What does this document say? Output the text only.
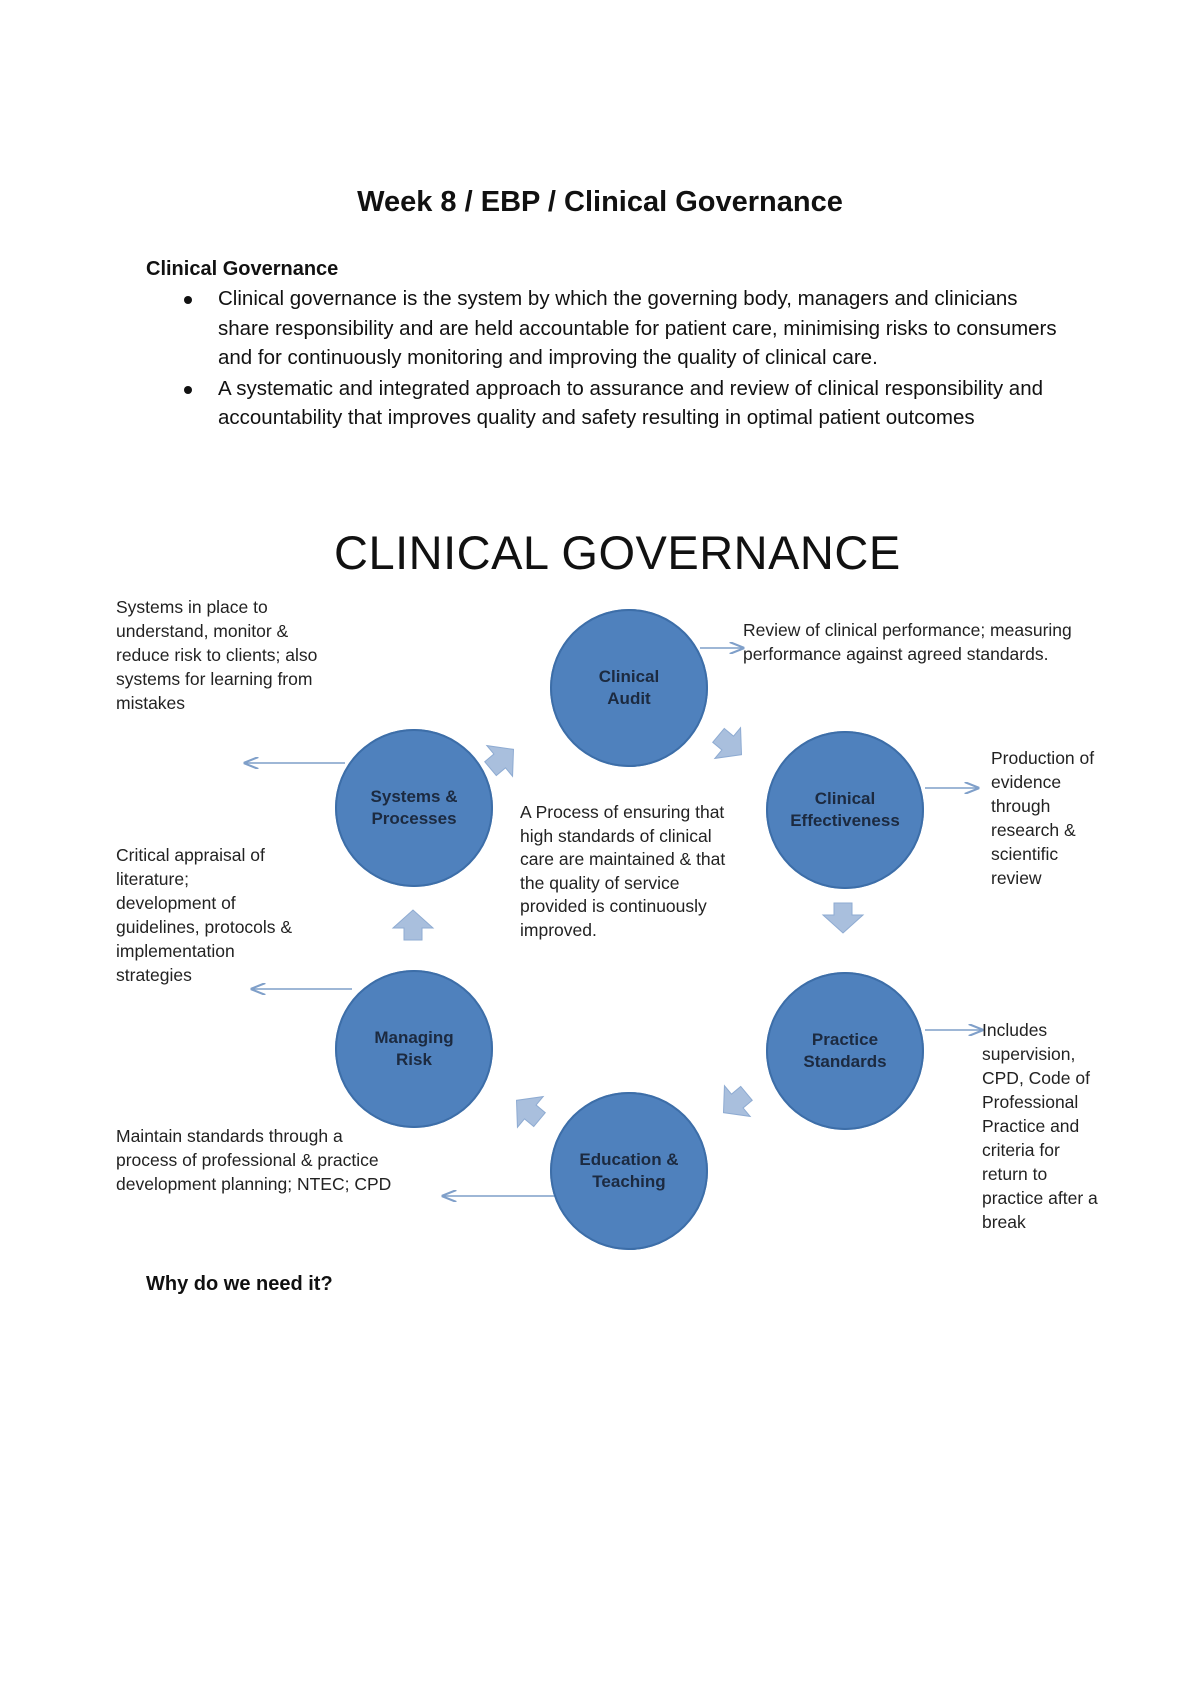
Week 8 / EBP / Clinical Governance
Clinical Governance
Clinical governance is the system by which the governing body, managers and clinicians share responsibility and are held accountable for patient care, minimising risks to consumers and for continuously monitoring and improving the quality of clinical care.
A systematic and integrated approach to assurance and review of clinical responsibility and accountability that improves quality and safety resulting in optimal patient outcomes
CLINICAL GOVERNANCE
Clinical
Audit
Clinical
Effectiveness
Practice
Standards
Education &
Teaching
Managing
Risk
Systems &
Processes	A Process of ensuring that
high standards of clinical
care are maintained & that
the quality of service
provided is continuously
improved.
Systems in place to
understand, monitor &
reduce risk to clients; also
systems for learning from
mistakes
Review of clinical performance; measuring
performance against agreed standards.
Production of
evidence
through
research &
scientific
review
Critical appraisal of
literature;
development of
guidelines, protocols &
implementation
strategies
Includes
supervision,
CPD, Code of
Professional
Practice and
criteria for
return to
practice after a
break
Maintain standards through a
process of professional & practice
development planning; NTEC; CPD
Why do we need it?
